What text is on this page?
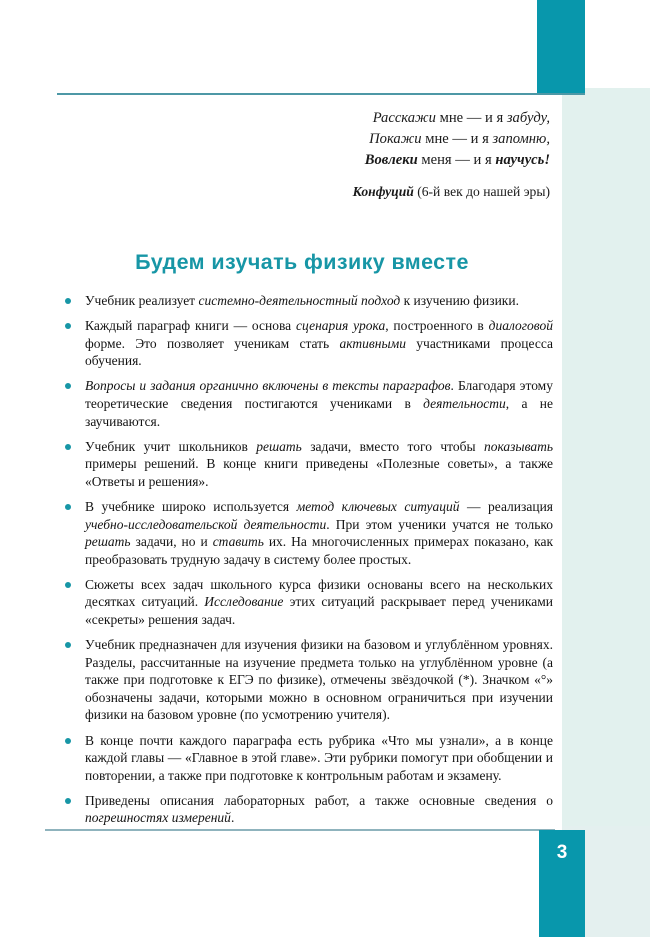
3
Расскажи мне — и я забуду,
Покажи мне — и я запомню,
Вовлеки меня — и я научусь!
Конфуций (6-й век до нашей эры)
Будем изучать физику вместе
Учебник реализует системно-деятельностный подход к изучению физики.
Каждый параграф книги — основа сценария урока, построенного в диалоговой форме. Это позволяет ученикам стать активными участниками процесса обучения.
Вопросы и задания органично включены в тексты параграфов. Благодаря этому теоретические сведения постигаются учениками в деятельности, а не заучиваются.
Учебник учит школьников решать задачи, вместо того чтобы показывать примеры решений. В конце книги приведены «Полезные советы», а также «Ответы и решения».
В учебнике широко используется метод ключевых ситуаций — реализация учебно-исследовательской деятельности. При этом ученики учатся не только решать задачи, но и ставить их. На многочисленных примерах показано, как преобразовать трудную задачу в систему более простых.
Сюжеты всех задач школьного курса физики основаны всего на нескольких десятках ситуаций. Исследование этих ситуаций раскрывает перед учениками «секреты» решения задач.
Учебник предназначен для изучения физики на базовом и углублённом уровнях. Разделы, рассчитанные на изучение предмета только на углублённом уровне (а также при подготовке к ЕГЭ по физике), отмечены звёздочкой (*). Значком «°» обозначены задачи, которыми можно в основном ограничиться при изучении физики на базовом уровне (по усмотрению учителя).
В конце почти каждого параграфа есть рубрика «Что мы узнали», а в конце каждой главы — «Главное в этой главе». Эти рубрики помогут при обобщении и повторении, а также при подготовке к контрольным работам и экзамену.
Приведены описания лабораторных работ, а также основные сведения о погрешностях измерений.
